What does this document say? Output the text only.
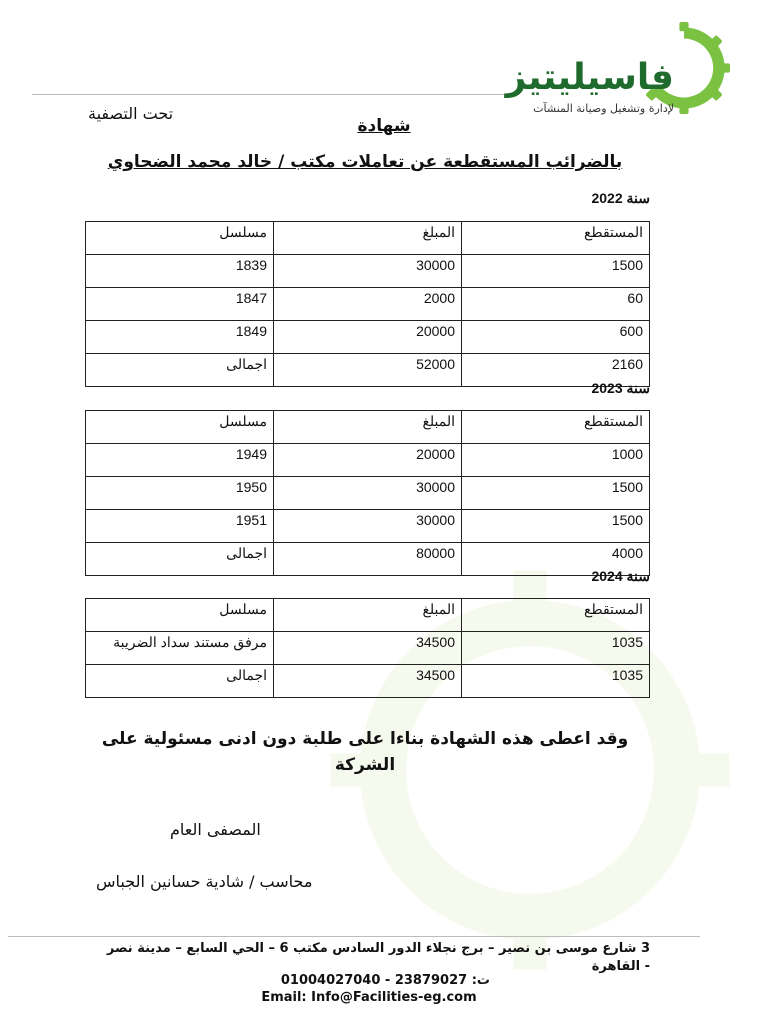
فاسيليتيز
لإدارة وتشغيل وصيانة المنشآت
تحت التصفية
شهادة
بالضرائب المستقطعة عن تعاملات مكتب / خالد محمد الضحاوي
سنة 2022
مسلسل	المبلغ	المستقطع
1839	30000	1500
1847	2000	60
1849	20000	600
اجمالى	52000	2160
سنة 2023
مسلسل	المبلغ	المستقطع
1949	20000	1000
1950	30000	1500
1951	30000	1500
اجمالى	80000	4000
سنة 2024
مسلسل	المبلغ	المستقطع
مرفق مستند سداد الضريبة	34500	1035
اجمالى	34500	1035
وقد اعطى هذه الشهادة بناءا على طلبة دون ادنى مسئولية على الشركة
المصفى العام
محاسب / شادية حسانين الجباس
3 شارع موسى بن نصير – برج نجلاء الدور السادس مكتب 6 – الحي السابع – مدينة نصر - القاهرة
ت: 23879027 - 01004027040
Email: Info@Facilities-eg.com
